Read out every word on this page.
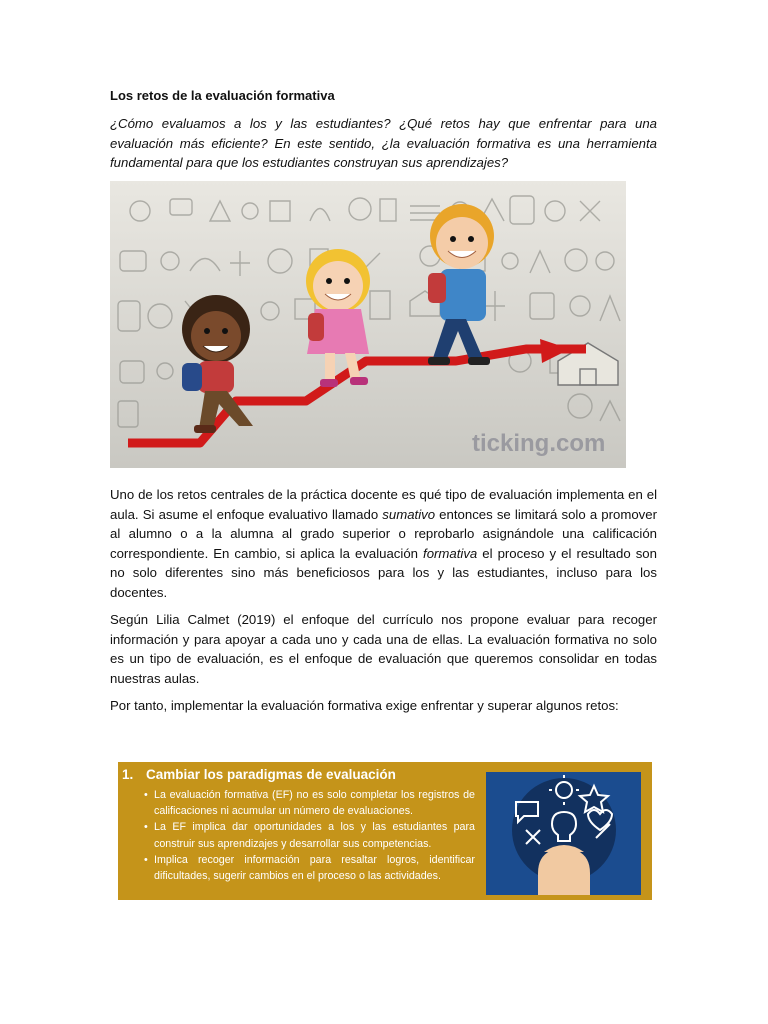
Los retos de la evaluación formativa

¿Cómo evaluamos a los y las estudiantes? ¿Qué retos hay que enfrentar para una evaluación más eficiente? En este sentido, ¿la evaluación formativa es una herramienta fundamental para que los estudiantes construyan sus aprendizajes?

ticking.com

Uno de los retos centrales de la práctica docente es qué tipo de evaluación implementa en el aula. Si asume el enfoque evaluativo llamado sumativo entonces se limitará solo a promover al alumno o a la alumna al grado superior o reprobarlo asignándole una calificación correspondiente. En cambio, si aplica la evaluación formativa el proceso y el resultado son no solo diferentes sino más beneficiosos para los y las estudiantes, incluso para los docentes.

Según Lilia Calmet (2019) el enfoque del currículo nos propone evaluar para recoger información y para apoyar a cada uno y cada una de ellas. La evaluación formativa no solo es un tipo de evaluación, es el enfoque de evaluación que queremos consolidar en todas nuestras aulas.

Por tanto, implementar la evaluación formativa exige enfrentar y superar algunos retos:

1. Cambiar los paradigmas de evaluación
• La evaluación formativa (EF) no es solo completar los registros de calificaciones ni acumular un número de evaluaciones.
• La EF implica dar oportunidades a los y las estudiantes para construir sus aprendizajes y desarrollar sus competencias.
• Implica recoger información para resaltar logros, identificar dificultades, sugerir cambios en el proceso o las actividades.
